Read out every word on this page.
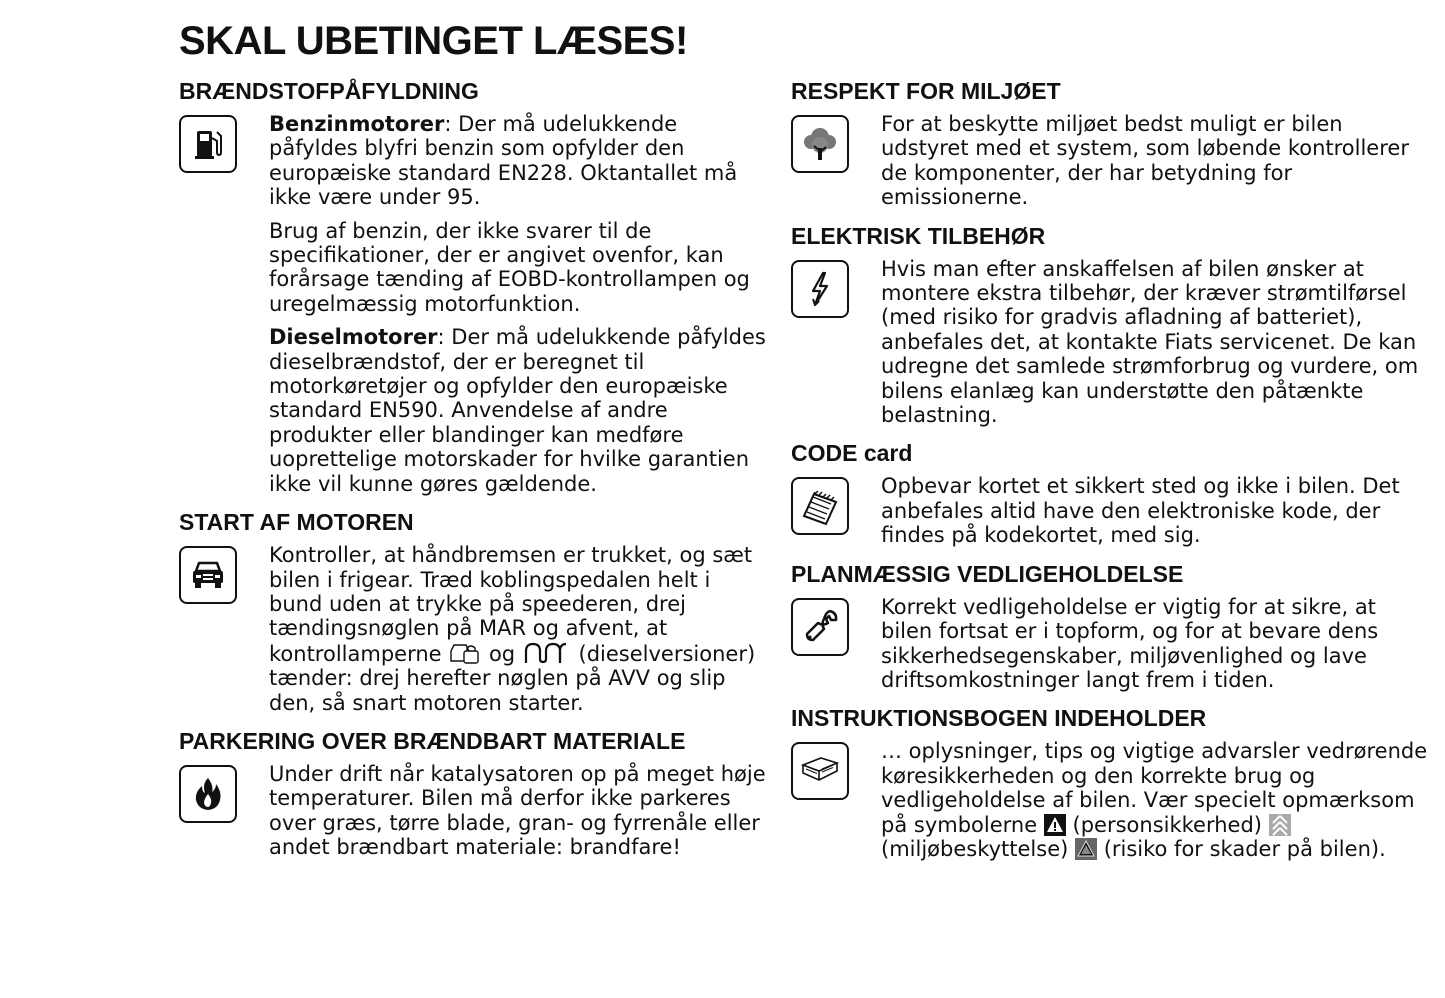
SKAL UBETINGET LÆSES!
BRÆNDSTOFPÅFYLDNING

Benzinmotorer: Der må udelukkende påfyldes blyfri benzin som opfylder den europæiske standard EN228. Oktantallet må ikke være under 95.

Brug af benzin, der ikke svarer til de specifikationer, der er angivet ovenfor, kan forårsage tænding af EOBD-kontrollampen og uregelmæssig motorfunktion.

Dieselmotorer: Der må udelukkende påfyldes dieselbrændstof, der er beregnet til motorkøretøjer og opfylder den europæiske standard EN590. Anvendelse af andre produkter eller blandinger kan medføre uoprettelige motorskader for hvilke garantien ikke vil kunne gøres gældende.

START AF MOTOREN

Kontroller, at håndbremsen er trukket, og sæt bilen i frigear. Træd koblingspedalen helt i bund uden at trykke på speederen, drej tændingsnøglen på MAR og afvent, at kontrollamperne og	(dieselversioner) tænder: drej herefter nøglen på AVV og slip den, så snart motoren starter.

PARKERING OVER BRÆNDBART MATERIALE

Under drift når katalysatoren op på meget høje temperaturer. Bilen må derfor ikke parkeres over græs, tørre blade, gran- og fyrrenåle eller andet brændbart materiale: brandfare!

RESPEKT FOR MILJØET

For at beskytte miljøet bedst muligt er bilen udstyret med et system, som løbende kontrollerer de komponenter, der har betydning for emissionerne.

ELEKTRISK TILBEHØR

Hvis man efter anskaffelsen af bilen ønsker at montere ekstra tilbehør, der kræver strømtilførsel (med risiko for gradvis afladning af batteriet), anbefales det, at kontakte Fiats servicenet. De kan udregne det samlede strømforbrug og vurdere, om bilens elanlæg kan understøtte den påtænkte belastning.

CODE card

Opbevar kortet et sikkert sted og ikke i bilen. Det anbefales altid have den elektroniske kode, der findes på kodekortet, med sig.

PLANMÆSSIG VEDLIGEHOLDELSE

Korrekt vedligeholdelse er vigtig for at sikre, at bilen fortsat er i topform, og for at bevare dens sikkerhedsegenskaber, miljøvenlighed og lave driftsomkostninger langt frem i tiden.

INSTRUKTIONSBOGEN INDEHOLDER

… oplysninger, tips og vigtige advarsler vedrørende køresikkerheden og den korrekte brug og vedligeholdelse af bilen. Vær specielt opmærksom på symbolerne (personsikkerhed)  (miljøbeskyttelse) (risiko for skader på bilen).
